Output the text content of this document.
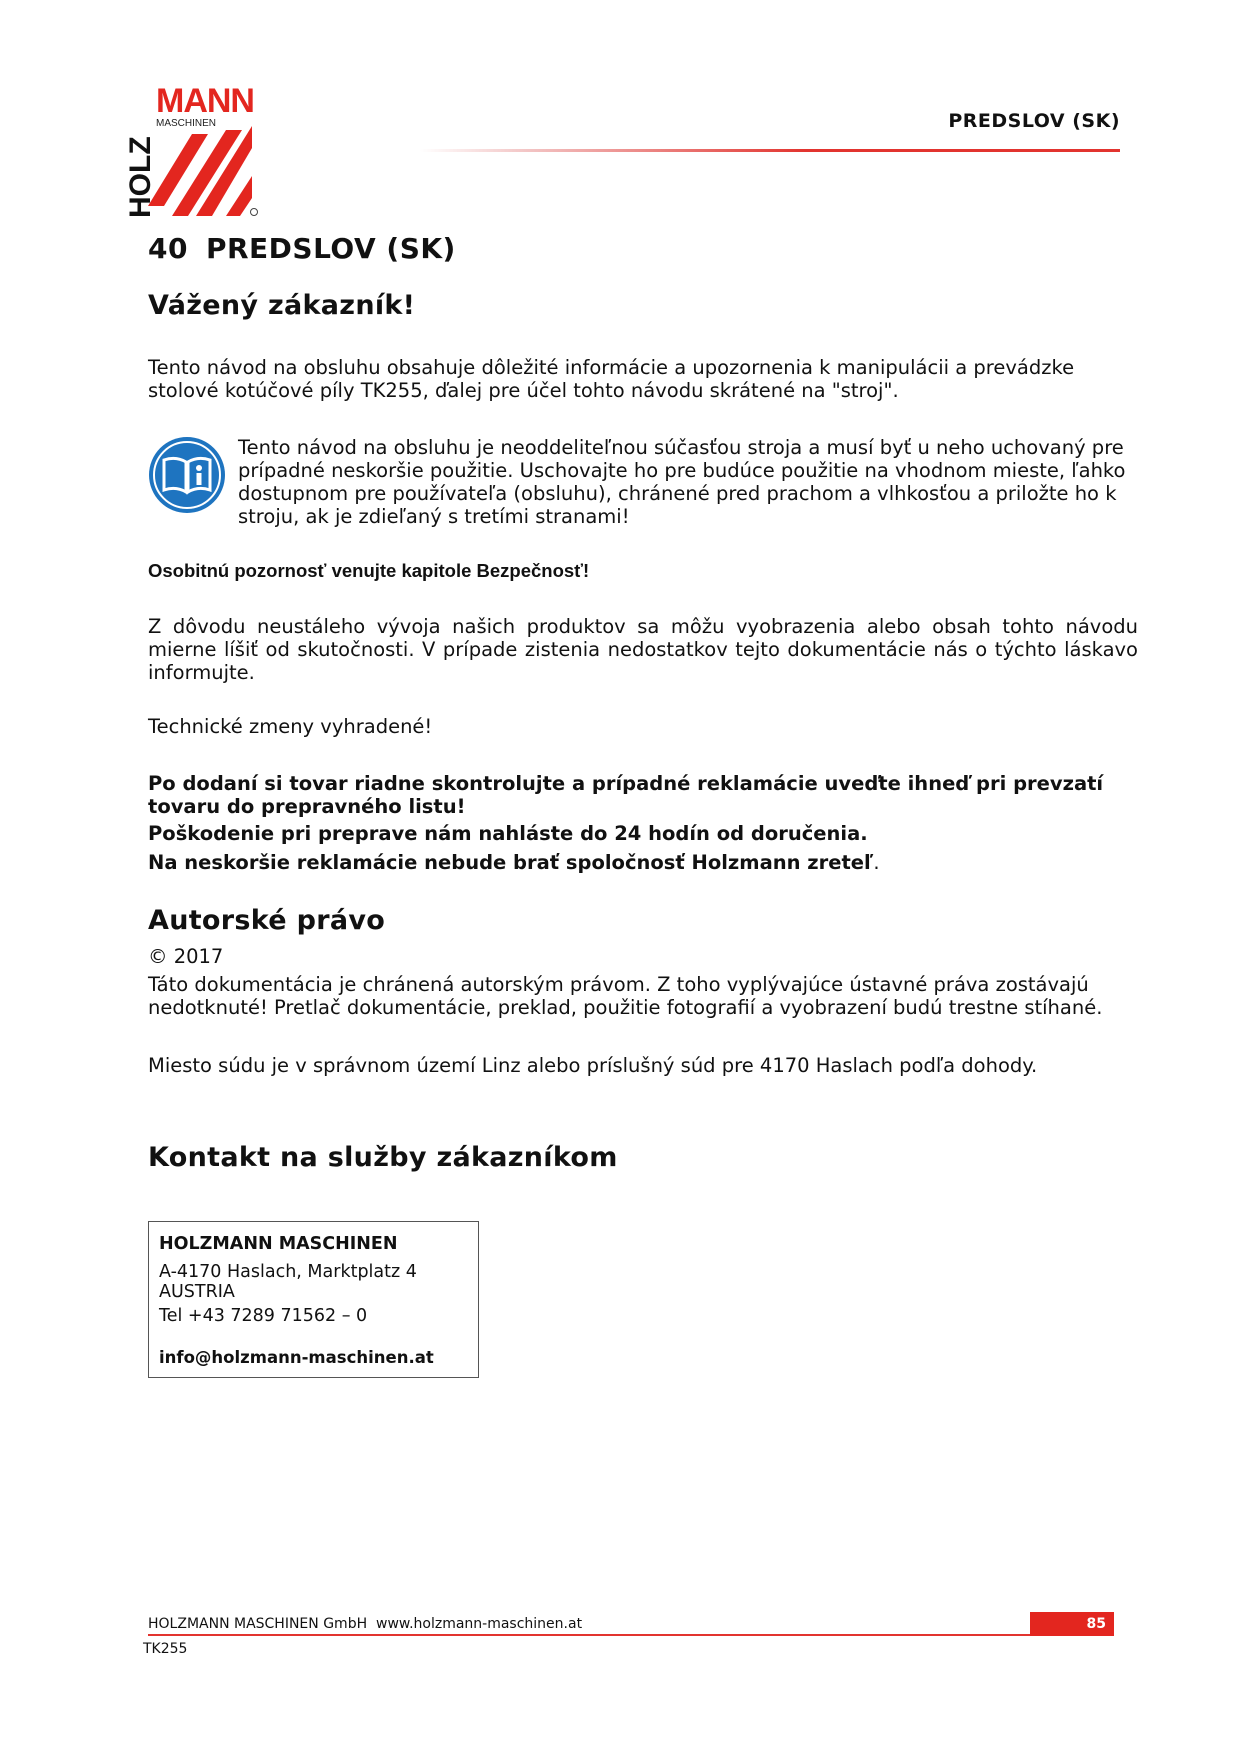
MANN
MASCHINEN
HOLZ
PREDSLOV (SK)
40 PREDSLOV (SK)
Vážený zákazník!
Tento návod na obsluhu obsahuje dôležité informácie a upozornenia k manipulácii a prevádzke stolové kotúčové píly TK255, ďalej pre účel tohto návodu skrátené na "stroj".
Tento návod na obsluhu je neoddeliteľnou súčasťou stroja a musí byť u neho uchovaný pre prípadné neskoršie použitie. Uschovajte ho pre budúce použitie na vhodnom mieste, ľahko dostupnom pre používateľa (obsluhu), chránené pred prachom a vlhkosťou a priložte ho k stroju, ak je zdieľaný s tretími stranami!
Osobitnú pozornosť venujte kapitole Bezpečnosť!
Z dôvodu neustáleho vývoja našich produktov sa môžu vyobrazenia alebo obsah tohto návodu mierne líšiť od skutočnosti. V prípade zistenia nedostatkov tejto dokumentácie nás o týchto láskavo informujte.
Technické zmeny vyhradené!
Po dodaní si tovar riadne skontrolujte a prípadné reklamácie uveďte ihneď pri prevzatí tovaru do prepravného listu!
Poškodenie pri preprave nám nahláste do 24 hodín od doručenia.
Na neskoršie reklamácie nebude brať spoločnosť Holzmann zreteľ.
Autorské právo
© 2017
Táto dokumentácia je chránená autorským právom. Z toho vyplývajúce ústavné práva zostávajú nedotknuté! Pretlač dokumentácie, preklad, použitie fotografií a vyobrazení budú trestne stíhané.
Miesto súdu je v správnom území Linz alebo príslušný súd pre 4170 Haslach podľa dohody.
Kontakt na služby zákazníkom
HOLZMANN MASCHINEN
A-4170 Haslach, Marktplatz 4
AUSTRIA
Tel +43 7289 71562 – 0
info@holzmann-maschinen.at
HOLZMANN MASCHINEN GmbH www.holzmann-maschinen.at	85
TK255
